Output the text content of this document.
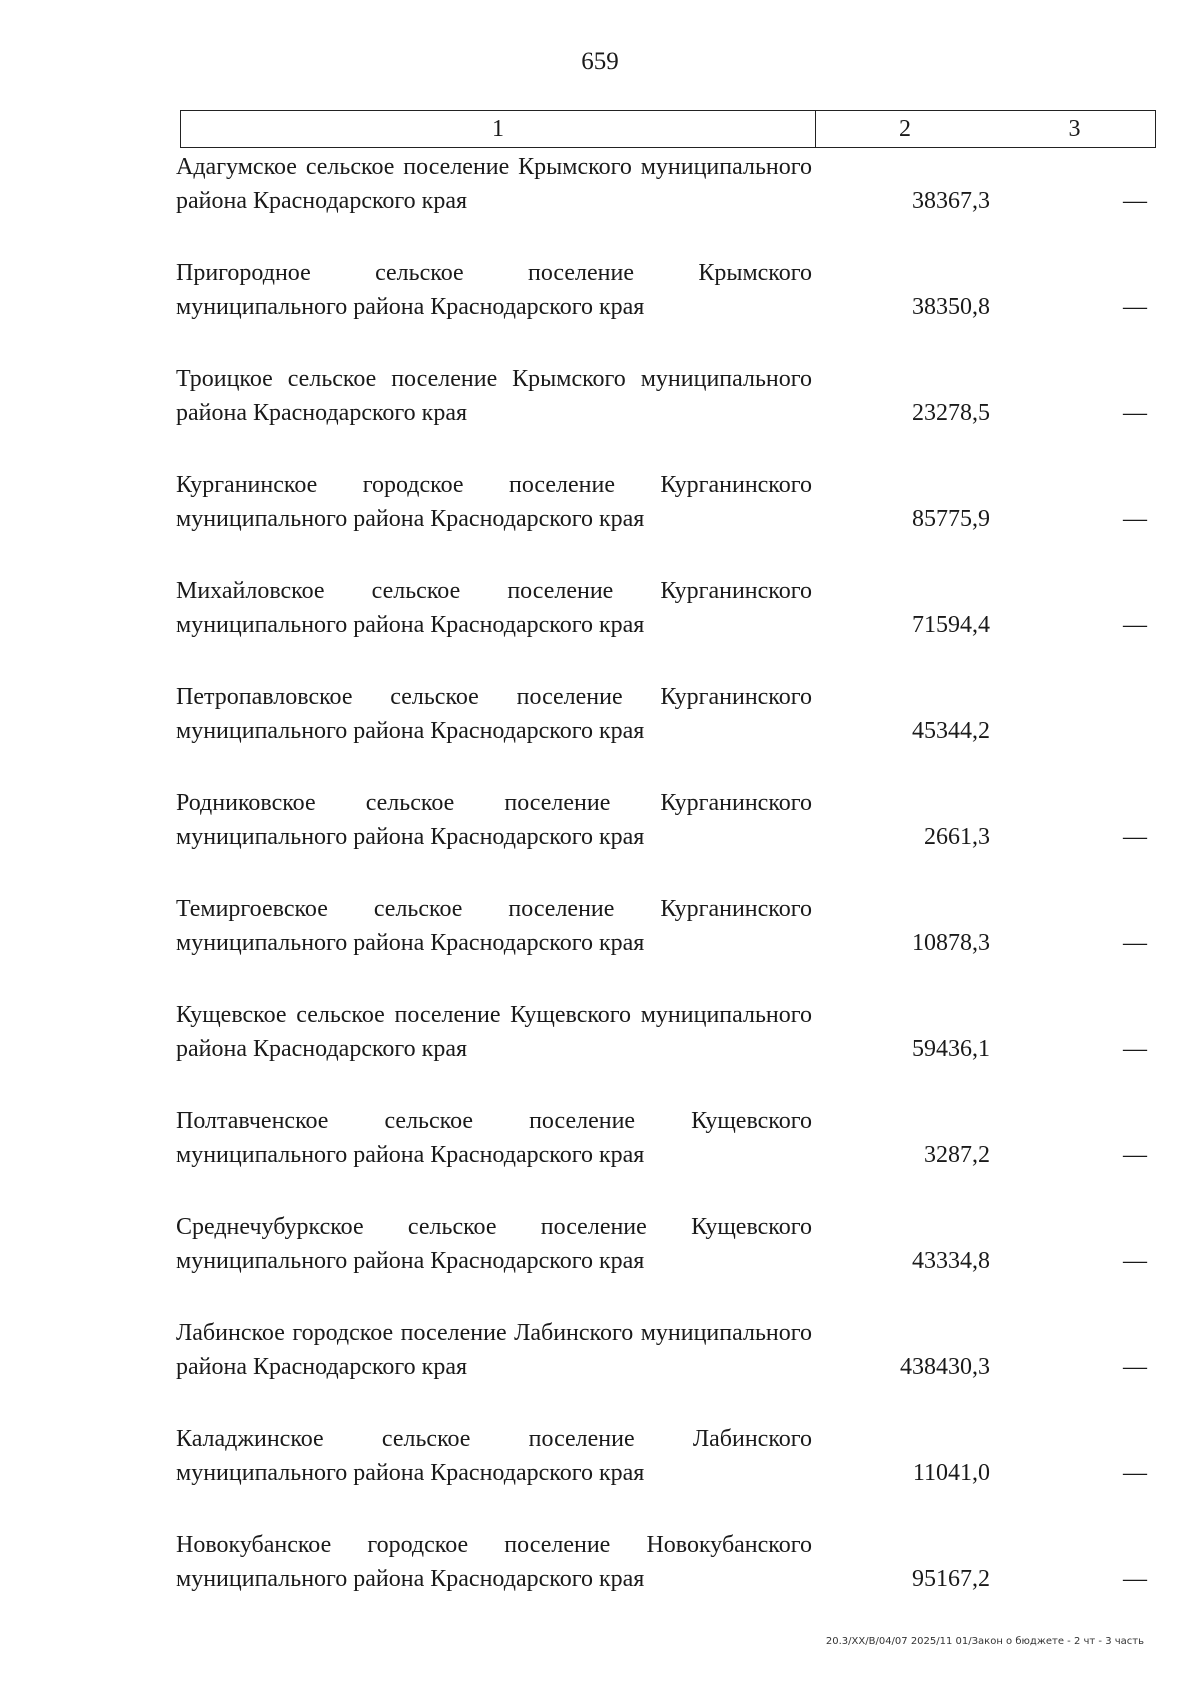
659
1	2	3
Адагумское сельское поселение Крымского муниципального района Краснодарского края	38367,3	—
Пригородное сельское поселение Крымского муниципального района Краснодарского края	38350,8	—
Троицкое сельское поселение Крымского муниципального района Краснодарского края	23278,5	—
Курганинское городское поселение Курганинского муниципального района Краснодарского края	85775,9	—
Михайловское сельское поселение Курганинского муниципального района Краснодарского края	71594,4	—
Петропавловское сельское поселение Курганинского муниципального района Краснодарского края	45344,2
Родниковское сельское поселение Курганинского муниципального района Краснодарского края	2661,3	—
Темиргоевское сельское поселение Курганинского муниципального района Краснодарского края	10878,3	—
Кущевское сельское поселение Кущевского муниципального района Краснодарского края	59436,1	—
Полтавченское сельское поселение Кущевского муниципального района Краснодарского края	3287,2	—
Среднечубуркское сельское поселение Кущевского муниципального района Краснодарского края	43334,8	—
Лабинское городское поселение Лабинского муниципального района Краснодарского края	438430,3	—
Каладжинское сельское поселение Лабинского муниципального района Краснодарского края	11041,0	—
Новокубанское городское поселение Новокубанского муниципального района Краснодарского края	95167,2	—
20.3/ХХ/В/04/07 2025/11 01/Закон о бюджете - 2 чт - 3 часть
